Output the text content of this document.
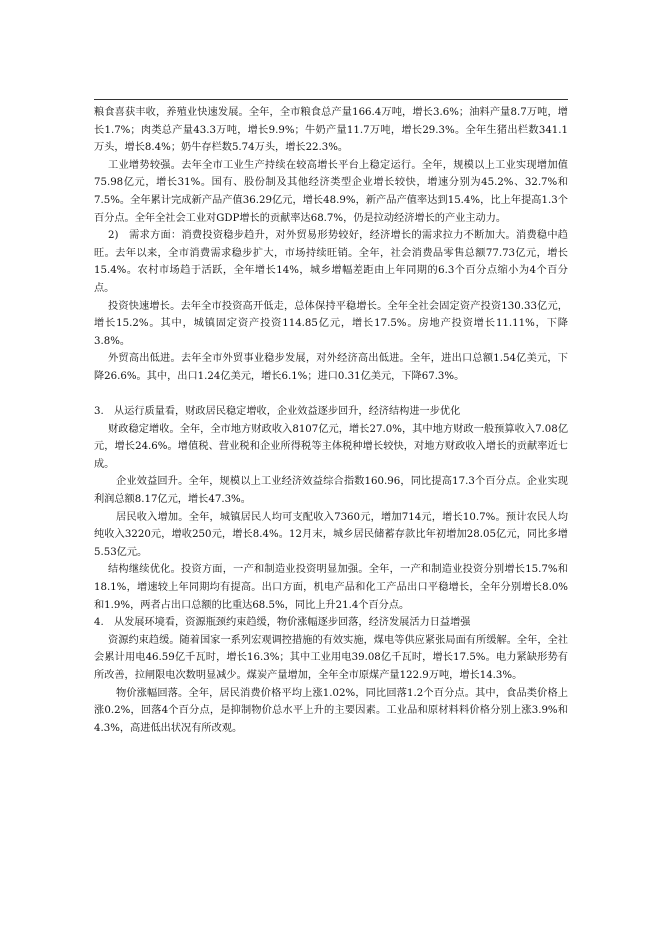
粮食喜获丰收，养殖业快速发展。全年，全市粮食总产量166.4万吨，增长3.6%；油料产量8.7万吨，增长1.7%；肉类总产量43.3万吨，增长9.9%；牛奶产量11.7万吨，增长29.3%。全年生猪出栏数341.1万头，增长8.4%；奶牛存栏数5.74万头，增长22.3%。

工业增势较强。去年全市工业生产持续在较高增长平台上稳定运行。全年，规模以上工业实现增加值75.98亿元，增长31%。国有、股份制及其他经济类型企业增长较快，增速分别为45.2%、32.7%和7.5%。全年累计完成新产品产值36.29亿元，增长48.9%，新产品产值率达到15.4%，比上年提高1.3个百分点。全年全社会工业对GDP增长的贡献率达68.7%，仍是拉动经济增长的产业主动力。

2)　需求方面：消费投资稳步趋升，对外贸易形势较好，经济增长的需求拉力不断加大。消费稳中趋旺。去年以来，全市消费需求稳步扩大，市场持续旺销。全年，社会消费品零售总额77.73亿元，增长15.4%。农村市场趋于活跃，全年增长14%，城乡增幅差距由上年同期的6.3个百分点缩小为4个百分点。

投资快速增长。去年全市投资高开低走，总体保持平稳增长。全年全社会固定资产投资130.33亿元，增长15.2%。其中，城镇固定资产投资114.85亿元，增长17.5%。房地产投资增长11.11%，下降3.8%。

外贸高出低进。去年全市外贸事业稳步发展，对外经济高出低进。全年，进出口总额1.54亿美元，下降26.6%。其中，出口1.24亿美元，增长6.1%；进口0.31亿美元，下降67.3%。

3.　从运行质量看，财政居民稳定增收，企业效益逐步回升，经济结构进一步优化

财政稳定增收。全年，全市地方财政收入8107亿元，增长27.0%，其中地方财政一般预算收入7.08亿元，增长24.6%。增值税、营业税和企业所得税等主体税种增长较快，对地方财政收入增长的贡献率近七成。

企业效益回升。全年，规模以上工业经济效益综合指数160.96，同比提高17.3个百分点。企业实现利润总额8.17亿元，增长47.3%。

居民收入增加。全年，城镇居民人均可支配收入7360元，增加714元，增长10.7%。预计农民人均纯收入3220元，增收250元，增长8.4%。12月末，城乡居民储蓄存款比年初增加28.05亿元，同比多增5.53亿元。

结构继续优化。投资方面，一产和制造业投资明显加强。全年，一产和制造业投资分别增长15.7%和18.1%，增速较上年同期均有提高。出口方面，机电产品和化工产品出口平稳增长，全年分别增长8.0%和1.9%，两者占出口总额的比重达68.5%，同比上升21.4个百分点。

4.　从发展环境看，资源瓶颈约束趋缓，物价涨幅逐步回落，经济发展活力日益增强

资源约束趋缓。随着国家一系列宏观调控措施的有效实施，煤电等供应紧张局面有所缓解。全年，全社会累计用电46.59亿千瓦时，增长16.3%；其中工业用电39.08亿千瓦时，增长17.5%。电力紧缺形势有所改善，拉闸限电次数明显减少。煤炭产量增加，全年全市原煤产量122.9万吨，增长14.3%。

物价涨幅回落。全年，居民消费价格平均上涨1.02%，同比回落1.2个百分点。其中，食品类价格上涨0.2%，回落4个百分点，是抑制物价总水平上升的主要因素。工业品和原材料料价格分别上涨3.9%和4.3%，高进低出状况有所改观。
